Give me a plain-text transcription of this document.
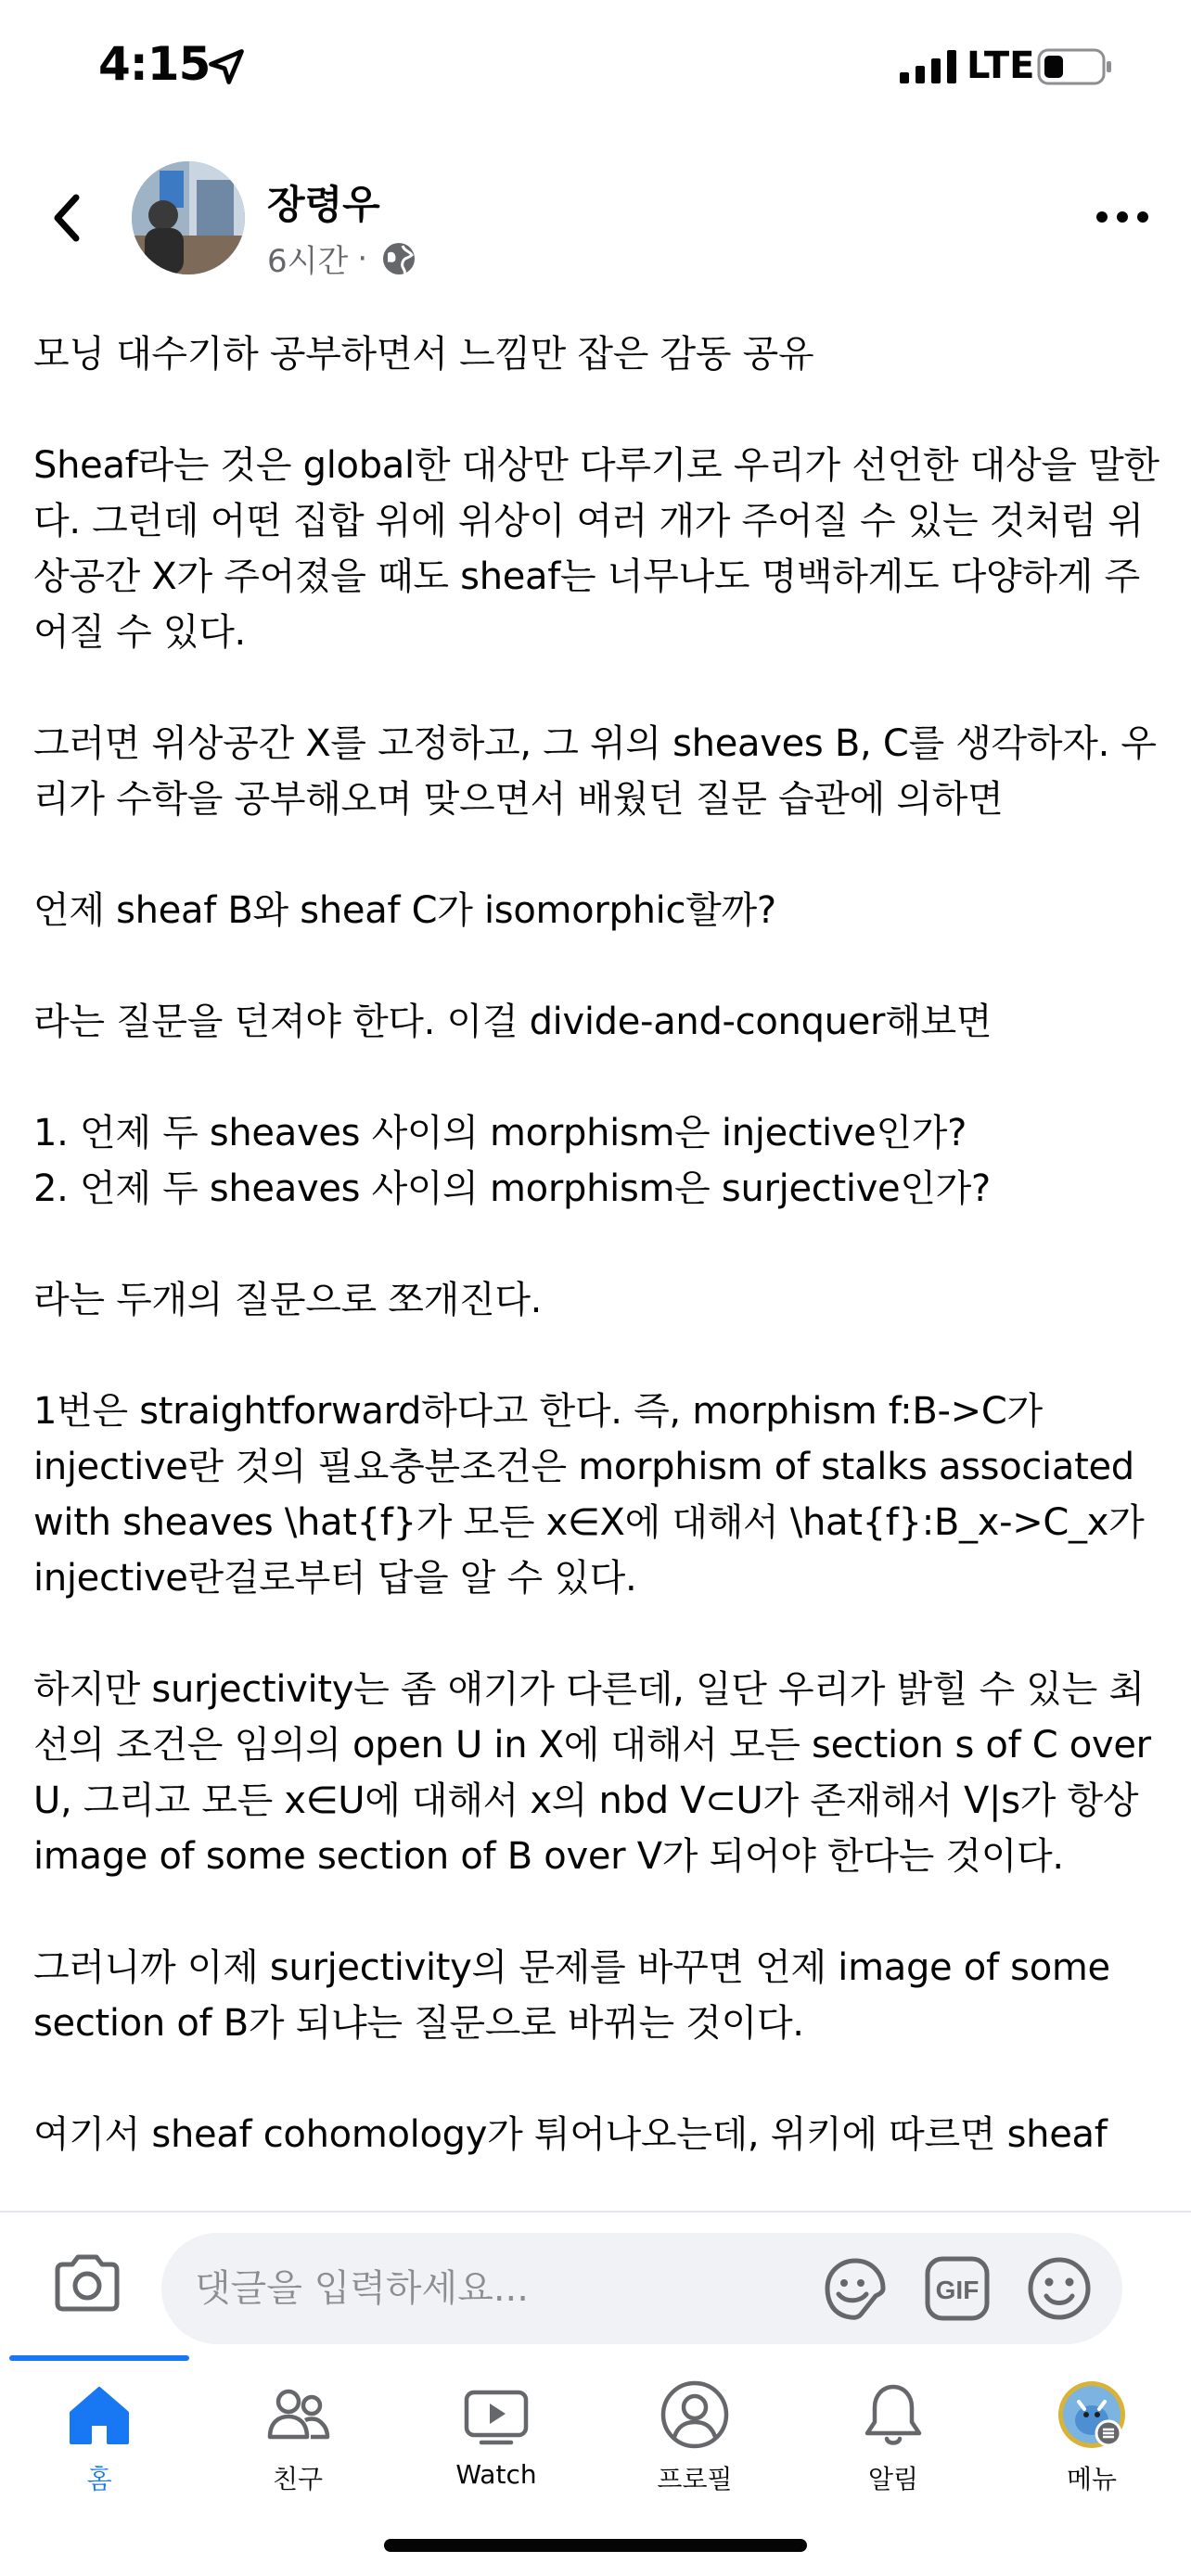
4:15	LTE
장령우
6시간 ·

모닝 대수기하 공부하면서 느낌만 잡은 감동 공유

Sheaf라는 것은 global한 대상만 다루기로 우리가 선언한 대상을 말한다. 그런데 어떤 집합 위에 위상이 여러 개가 주어질 수 있는 것처럼 위상공간 X가 주어졌을 때도 sheaf는 너무나도 명백하게도 다양하게 주어질 수 있다.

그러면 위상공간 X를 고정하고, 그 위의 sheaves B, C를 생각하자. 우리가 수학을 공부해오며 맞으면서 배웠던 질문 습관에 의하면

언제 sheaf B와 sheaf C가 isomorphic할까?

라는 질문을 던져야 한다. 이걸 divide-and-conquer해보면

1. 언제 두 sheaves 사이의 morphism은 injective인가?
2. 언제 두 sheaves 사이의 morphism은 surjective인가?

라는 두개의 질문으로 쪼개진다.

1번은 straightforward하다고 한다. 즉, morphism f:B->C가 injective란 것의 필요충분조건은 morphism of stalks associated with sheaves \hat{f}가 모든 x∈X에 대해서 \hat{f}:B_x->C_x가 injective란걸로부터 답을 알 수 있다.

하지만 surjectivity는 좀 얘기가 다른데, 일단 우리가 밝힐 수 있는 최선의 조건은 임의의 open U in X에 대해서 모든 section s of C over U, 그리고 모든 x∈U에 대해서 x의 nbd V⊂U가 존재해서 V|s가 항상 image of some section of B over V가 되어야 한다는 것이다.

그러니까 이제 surjectivity의 문제를 바꾸면 언제 image of some section of B가 되냐는 질문으로 바뀌는 것이다.

여기서 sheaf cohomology가 튀어나오는데, 위키에 따르면 sheaf

댓글을 입력하세요...
GIF
홈	친구	Watch	프로필	알림	메뉴
